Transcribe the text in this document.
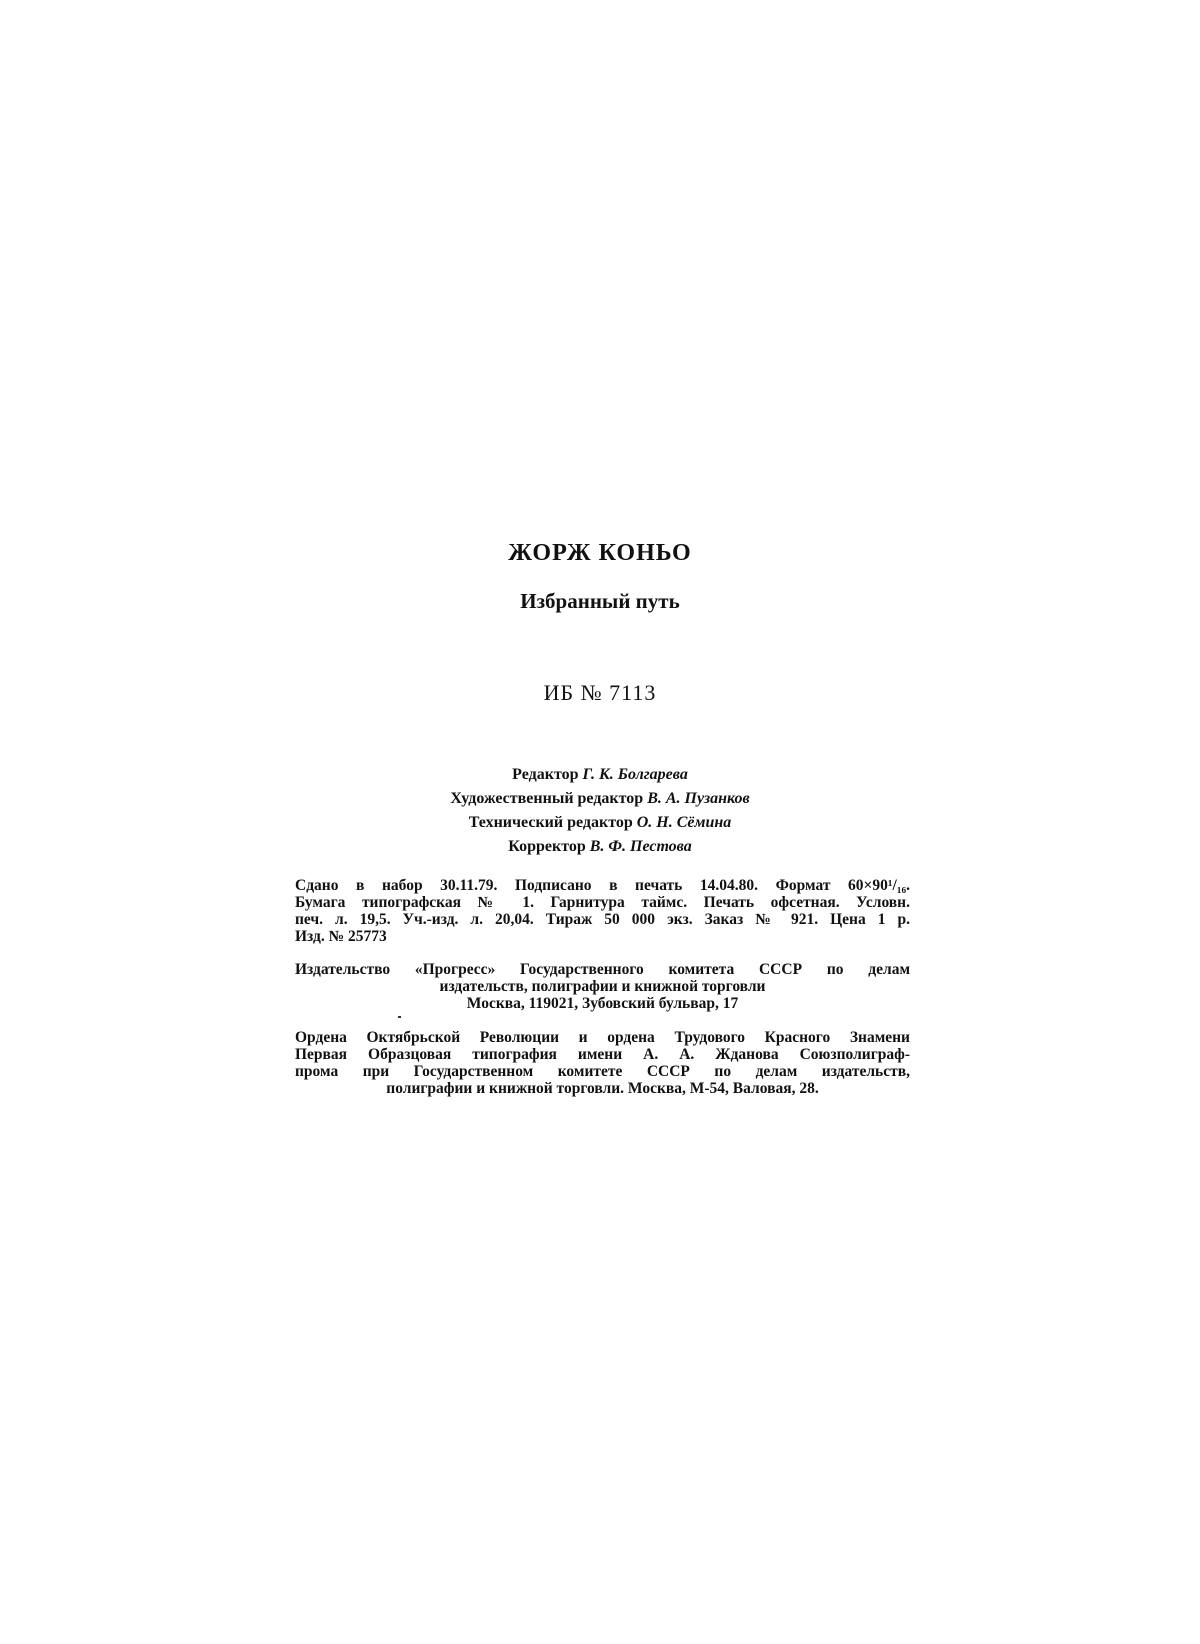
ЖОРЖ КОНЬО
Избранный путь
ИБ № 7113
Редактор Г. К. Болгарева
Художественный редактор В. А. Пузанков
Технический редактор О. Н. Сёмина
Корректор В. Ф. Пестова
Сдано в набор 30.11.79. Подписано в печать 14.04.80. Формат 60×90¹/₁₆.
Бумага типографская № 1. Гарнитура таймс. Печать офсетная. Условн.
печ. л. 19,5. Уч.-изд. л. 20,04. Тираж 50 000 экз. Заказ № 921. Цена 1 р.
Изд. № 25773
Издательство «Прогресс» Государственного комитета СССР по делам
издательств, полиграфии и книжной торговли
Москва, 119021, Зубовский бульвар, 17
Ордена Октябрьской Революции и ордена Трудового Красного Знамени
Первая Образцовая типография имени А. А. Жданова Союзполиграф-
прома при Государственном комитете СССР по делам издательств,
полиграфии и книжной торговли. Москва, М-54, Валовая, 28.
